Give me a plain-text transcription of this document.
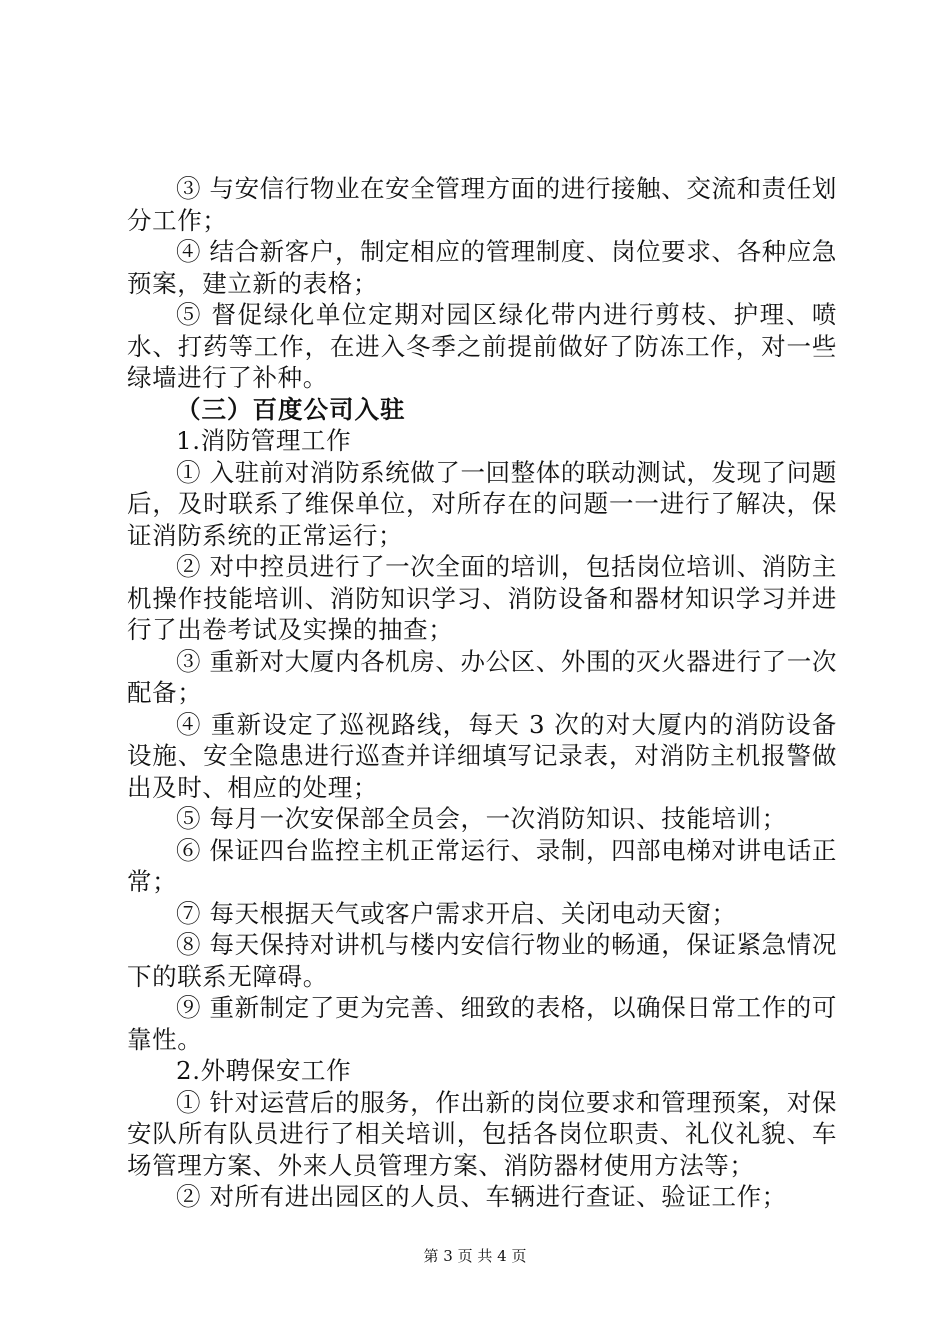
③ 与安信行物业在安全管理方面的进行接触、交流和责任划分工作；

④ 结合新客户，制定相应的管理制度、岗位要求、各种应急预案，建立新的表格；

⑤ 督促绿化单位定期对园区绿化带内进行剪枝、护理、喷水、打药等工作，在进入冬季之前提前做好了防冻工作，对一些绿墙进行了补种。

（三）百度公司入驻

1.消防管理工作

① 入驻前对消防系统做了一回整体的联动测试，发现了问题后，及时联系了维保单位，对所存在的问题一一进行了解决，保证消防系统的正常运行；

② 对中控员进行了一次全面的培训，包括岗位培训、消防主机操作技能培训、消防知识学习、消防设备和器材知识学习并进行了出卷考试及实操的抽查；

③ 重新对大厦内各机房、办公区、外围的灭火器进行了一次配备；

④ 重新设定了巡视路线，每天 3 次的对大厦内的消防设备设施、安全隐患进行巡查并详细填写记录表，对消防主机报警做出及时、相应的处理；

⑤ 每月一次安保部全员会，一次消防知识、技能培训；

⑥ 保证四台监控主机正常运行、录制，四部电梯对讲电话正常；

⑦ 每天根据天气或客户需求开启、关闭电动天窗；

⑧ 每天保持对讲机与楼内安信行物业的畅通，保证紧急情况下的联系无障碍。

⑨ 重新制定了更为完善、细致的表格，以确保日常工作的可靠性。

2.外聘保安工作

① 针对运营后的服务，作出新的岗位要求和管理预案，对保安队所有队员进行了相关培训，包括各岗位职责、礼仪礼貌、车场管理方案、外来人员管理方案、消防器材使用方法等；

② 对所有进出园区的人员、车辆进行查证、验证工作；

第 3 页 共 4 页
